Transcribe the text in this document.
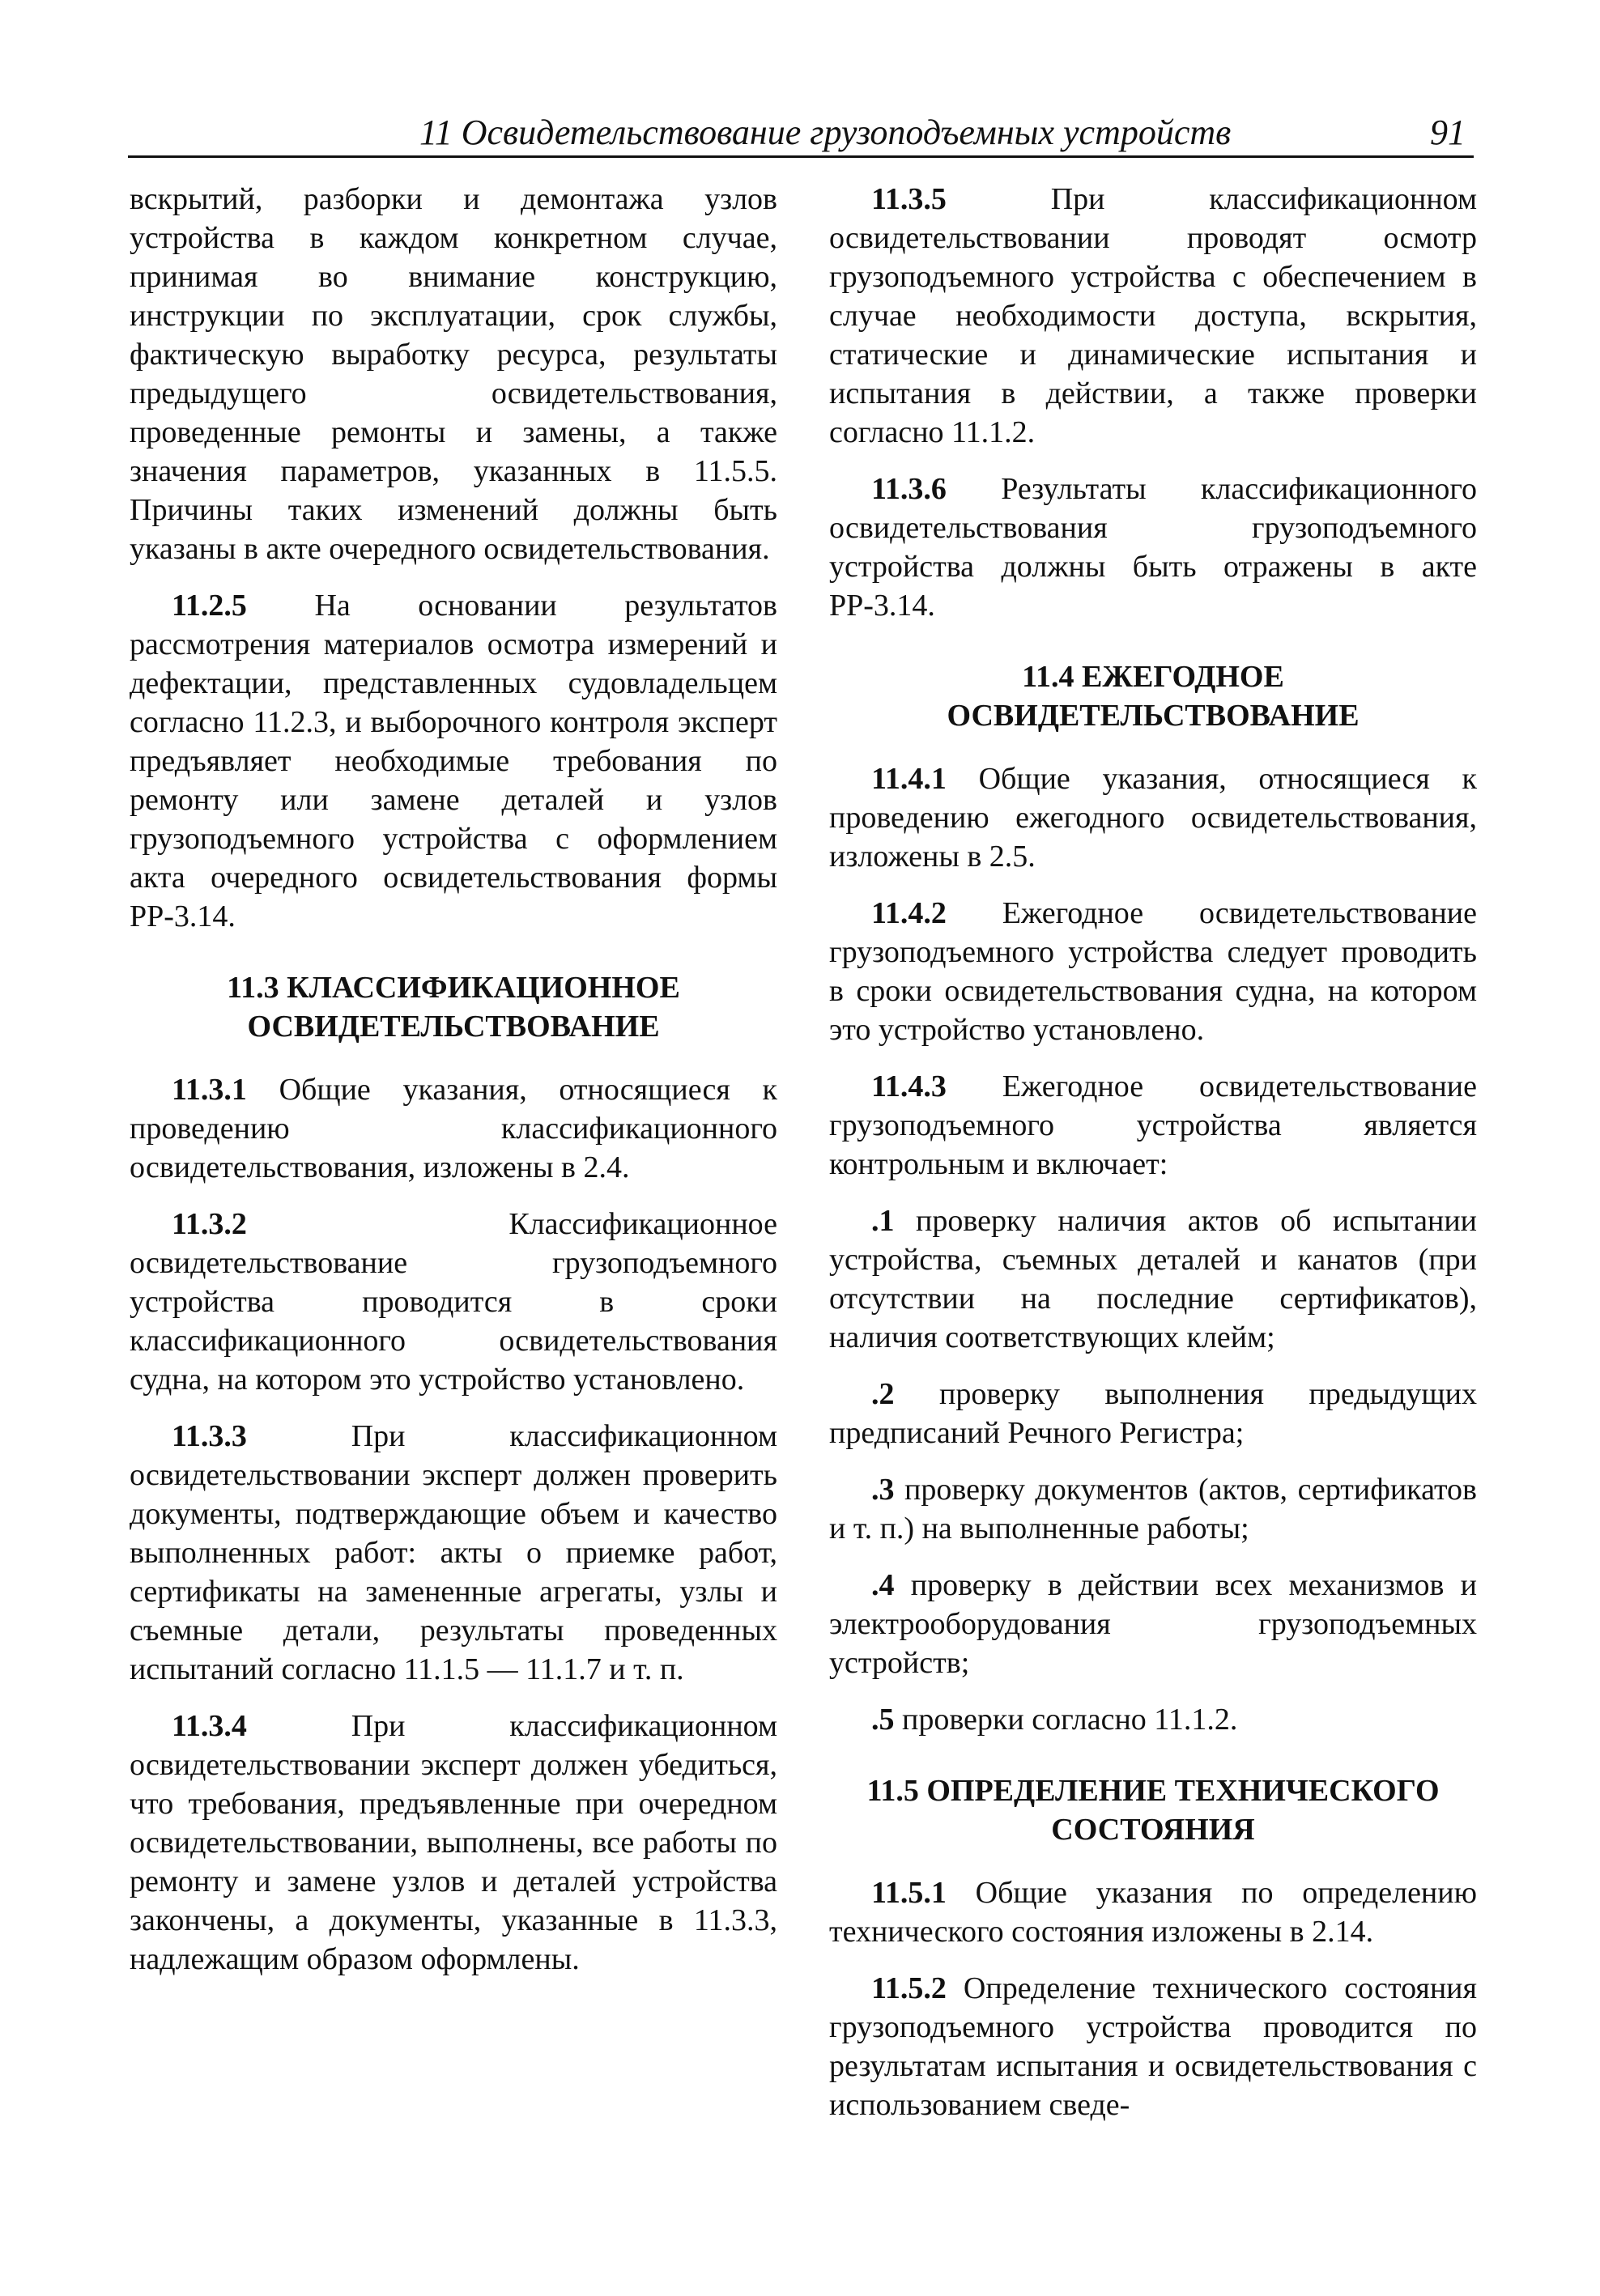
11 Освидетельствование грузоподъемных устройств	91

вскрытий, разборки и демонтажа узлов устройства в каждом конкретном случае, принимая во внимание конструкцию, инструкции по эксплуатации, срок службы, фактическую выработку ресурса, результаты предыдущего освидетельствования, проведенные ремонты и замены, а также значения параметров, указанных в 11.5.5. Причины таких изменений должны быть указаны в акте очередного освидетельствования.

11.2.5 На основании результатов рассмотрения материалов осмотра измерений и дефектации, представленных судовладельцем согласно 11.2.3, и выборочного контроля эксперт предъявляет необходимые требования по ремонту или замене деталей и узлов грузоподъемного устройства с оформлением акта очередного освидетельствования формы РР-3.14.

11.3 КЛАССИФИКАЦИОННОЕ ОСВИДЕТЕЛЬСТВОВАНИЕ

11.3.1 Общие указания, относящиеся к проведению классификационного освидетельствования, изложены в 2.4.

11.3.2 Классификационное освидетельствование грузоподъемного устройства проводится в сроки классификационного освидетельствования судна, на котором это устройство установлено.

11.3.3 При классификационном освидетельствовании эксперт должен проверить документы, подтверждающие объем и качество выполненных работ: акты о приемке работ, сертификаты на замененные агрегаты, узлы и съемные детали, результаты проведенных испытаний согласно 11.1.5 — 11.1.7 и т. п.

11.3.4 При классификационном освидетельствовании эксперт должен убедиться, что требования, предъявленные при очередном освидетельствовании, выполнены, все работы по ремонту и замене узлов и деталей устройства закончены, а документы, указанные в 11.3.3, надлежащим образом оформлены.

11.3.5 При классификационном освидетельствовании проводят осмотр грузоподъемного устройства с обеспечением в случае необходимости доступа, вскрытия, статические и динамические испытания и испытания в действии, а также проверки согласно 11.1.2.

11.3.6 Результаты классификационного освидетельствования грузоподъемного устройства должны быть отражены в акте РР-3.14.

11.4 ЕЖЕГОДНОЕ ОСВИДЕТЕЛЬСТВОВАНИЕ

11.4.1 Общие указания, относящиеся к проведению ежегодного освидетельствования, изложены в 2.5.

11.4.2 Ежегодное освидетельствование грузоподъемного устройства следует проводить в сроки освидетельствования судна, на котором это устройство установлено.

11.4.3 Ежегодное освидетельствование грузоподъемного устройства является контрольным и включает:

.1 проверку наличия актов об испытании устройства, съемных деталей и канатов (при отсутствии на последние сертификатов), наличия соответствующих клейм;

.2 проверку выполнения предыдущих предписаний Речного Регистра;

.3 проверку документов (актов, сертификатов и т. п.) на выполненные работы;

.4 проверку в действии всех механизмов и электрооборудования грузоподъемных устройств;

.5 проверки согласно 11.1.2.

11.5 ОПРЕДЕЛЕНИЕ ТЕХНИЧЕСКОГО СОСТОЯНИЯ

11.5.1 Общие указания по определению технического состояния изложены в 2.14.

11.5.2 Определение технического состояния грузоподъемного устройства проводится по результатам испытания и освидетельствования с использованием сведе-
